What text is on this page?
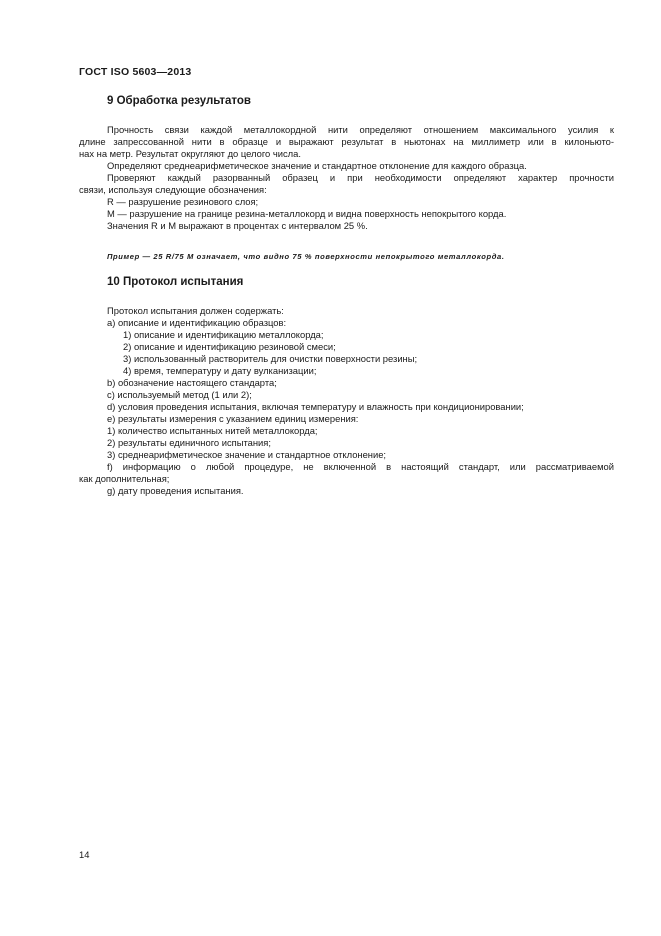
ГОСТ ISO 5603—2013
9 Обработка результатов
Прочность связи каждой металлокордной нити определяют отношением максимального усилия к
длине запрессованной нити в образце и выражают результат в ньютонах на миллиметр или в килоньюто-
нах на метр. Результат округляют до целого числа.
Определяют среднеарифметическое значение и стандартное отклонение для каждого образца.
Проверяют каждый разорванный образец и при необходимости определяют характер прочности
связи, используя следующие обозначения:
R — разрушение резинового слоя;
M — разрушение на границе резина-металлокорд и видна поверхность непокрытого корда.
Значения R и M выражают в процентах с интервалом 25 %.
Пример — 25 R/75 M означает, что видно 75 % поверхности непокрытого металлокорда.
10 Протокол испытания
Протокол испытания должен содержать:
a) описание и идентификацию образцов:
1) описание и идентификацию металлокорда;
2) описание и идентификацию резиновой смеси;
3) использованный растворитель для очистки поверхности резины;
4) время, температуру и дату вулканизации;
b) обозначение настоящего стандарта;
c) используемый метод (1 или 2);
d) условия проведения испытания, включая температуру и влажность при кондиционировании;
e) результаты измерения с указанием единиц измерения:
1) количество испытанных нитей металлокорда;
2) результаты единичного испытания;
3) среднеарифметическое значение и стандартное отклонение;
f) информацию о любой процедуре, не включенной в настоящий стандарт, или рассматриваемой
как дополнительная;
g) дату проведения испытания.
14
